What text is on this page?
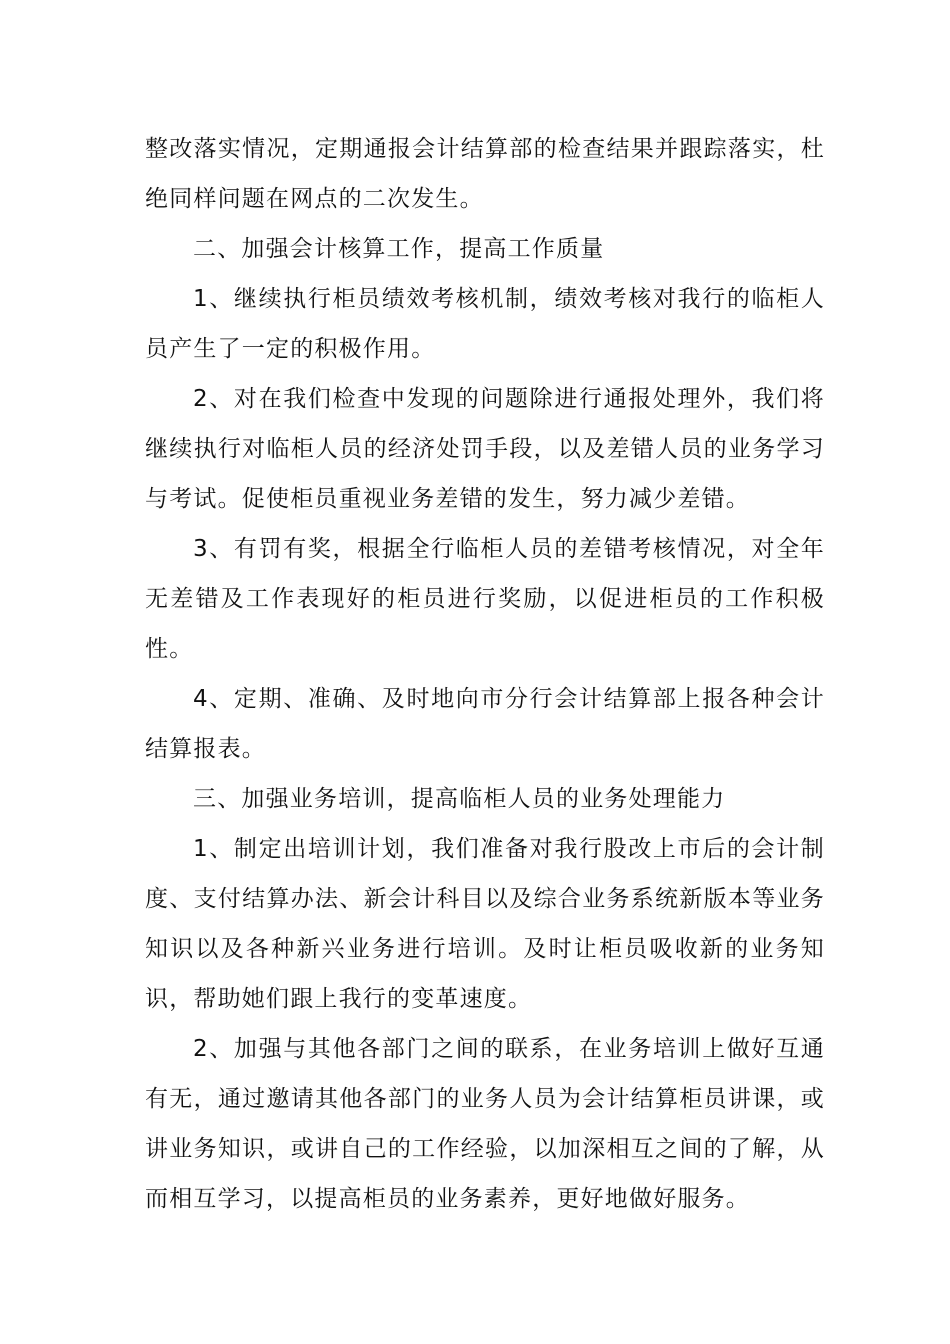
整改落实情况，定期通报会计结算部的检查结果并跟踪落实，杜绝同样问题在网点的二次发生。

二、加强会计核算工作，提高工作质量

1、继续执行柜员绩效考核机制，绩效考核对我行的临柜人员产生了一定的积极作用。

2、对在我们检查中发现的问题除进行通报处理外，我们将继续执行对临柜人员的经济处罚手段，以及差错人员的业务学习与考试。促使柜员重视业务差错的发生，努力减少差错。

3、有罚有奖，根据全行临柜人员的差错考核情况，对全年无差错及工作表现好的柜员进行奖励，以促进柜员的工作积极性。

4、定期、准确、及时地向市分行会计结算部上报各种会计结算报表。

三、加强业务培训，提高临柜人员的业务处理能力

1、制定出培训计划，我们准备对我行股改上市后的会计制度、支付结算办法、新会计科目以及综合业务系统新版本等业务知识以及各种新兴业务进行培训。及时让柜员吸收新的业务知识，帮助她们跟上我行的变革速度。

2、加强与其他各部门之间的联系，在业务培训上做好互通有无，通过邀请其他各部门的业务人员为会计结算柜员讲课，或讲业务知识，或讲自己的工作经验，以加深相互之间的了解，从而相互学习，以提高柜员的业务素养，更好地做好服务。
